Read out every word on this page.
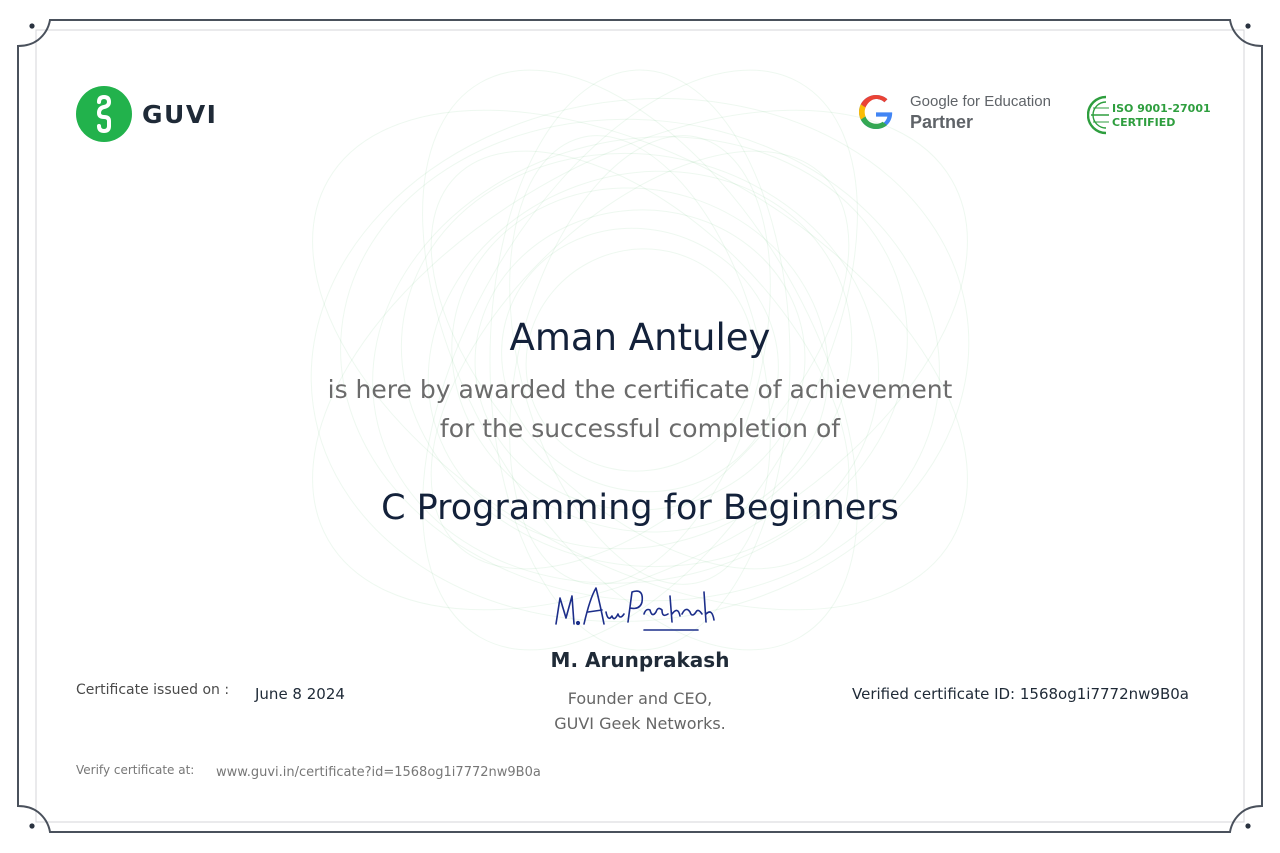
GUVI	Google for Education
Partner
ISO 9001-27001
CERTIFIED
Aman Antuley
is here by awarded the certificate of achievement
for the successful completion of
C Programming for Beginners
M. Arunprakash
M. Arunprakash
Founder and CEO,
GUVI Geek Networks.
Certificate issued on : June 8 2024	Verified certificate ID: 1568og1i7772nw9B0a
Verify certificate at: www.guvi.in/certificate?id=1568og1i7772nw9B0a
